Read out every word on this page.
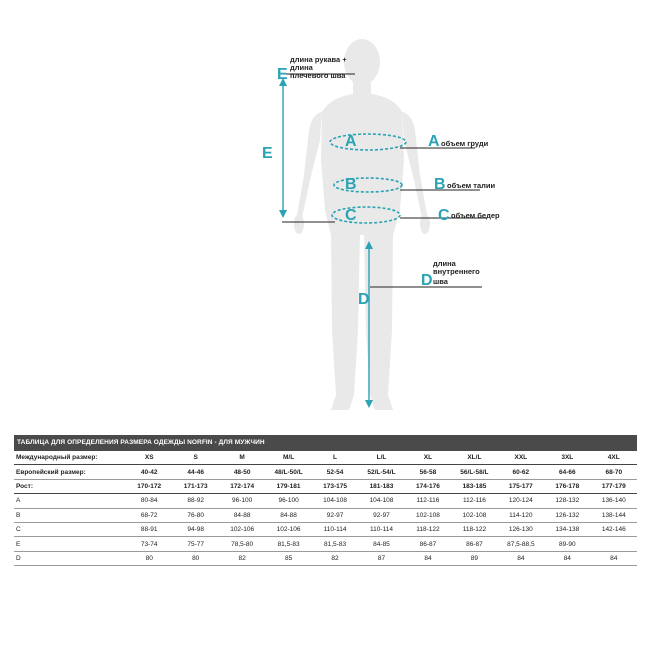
A
B
C
A объем груди
B объем талии
C объем бедер
длина
внутреннего
D шва
D
длина рукава +
длина
E плечевого шва
E
ТАБЛИЦА ДЛЯ ОПРЕДЕЛЕНИЯ РАЗМЕРА ОДЕЖДЫ NORFIN - ДЛЯ МУЖЧИН
Международный размер:	XS	S	M	M/L	L	L/L	XL	XL/L	XXL	3XL	4XL
Европейский размер:	40-42	44-46	48-50	48/L-50/L	52-54	52/L-54/L	56-58	56/L-58/L	60-62	64-66	68-70
Рост:	170-172	171-173	172-174	179-181	173-175	181-183	174-176	183-185	175-177	176-178	177-179
A	80-84	88-92	96-100	96-100	104-108	104-108	112-116	112-116	120-124	128-132	136-140
B	68-72	76-80	84-88	84-88	92-97	92-97	102-108	102-108	114-120	126-132	138-144
C	88-91	94-98	102-106	102-106	110-114	110-114	118-122	118-122	126-130	134-138	142-146
E	73-74	75-77	78,5-80	81,5-83	81,5-83	84-85	86-87	86-87	87,5-88,5	89-90	
D	80	80	82	85	82	87	84	89	84	84	84
